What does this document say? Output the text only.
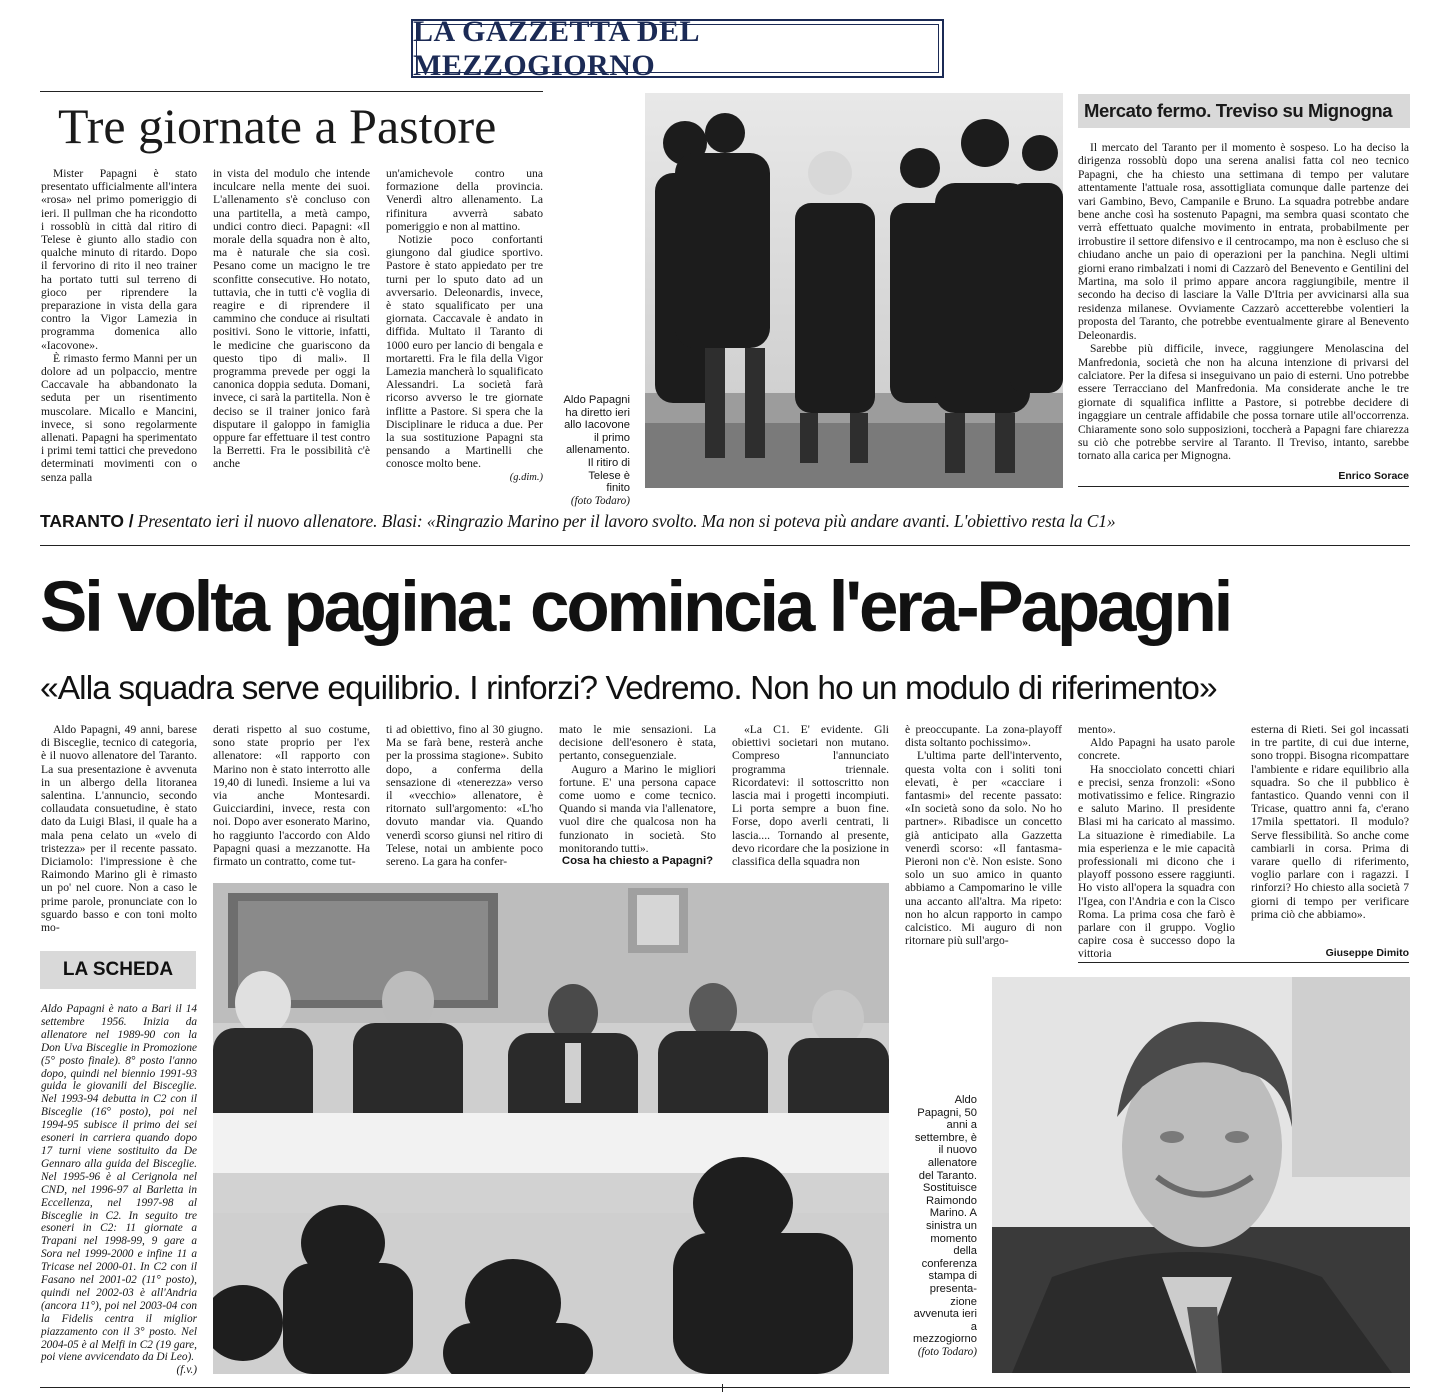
LA GAZZETTA DEL MEZZOGIORNO
Tre giornate a Pastore

Mister Papagni è stato presentato ufficialmente all'intera «rosa» nel primo pomeriggio di ieri. Il pullman che ha ricondotto i rossoblù in città dal ritiro di Telese è giunto allo stadio con qualche minuto di ritardo. Dopo il fervorino di rito il neo trainer ha portato tutti sul terreno di gioco per riprendere la preparazione in vista della gara contro la Vigor Lamezia in programma domenica allo «Iacovone».

È rimasto fermo Manni per un dolore ad un polpaccio, mentre Caccavale ha abbandonato la seduta per un risentimento muscolare. Micallo e Mancini, invece, si sono regolarmente allenati. Papagni ha sperimentato i primi temi tattici che prevedono determinati movimenti con o senza palla

in vista del modulo che intende inculcare nella mente dei suoi. L'allenamento s'è concluso con una partitella, a metà campo, undici contro dieci. Papagni: «Il morale della squadra non è alto, ma è naturale che sia così. Pesano come un macigno le tre sconfitte consecutive. Ho notato, tuttavia, che in tutti c'è voglia di reagire e di riprendere il cammino che conduce ai risultati positivi. Sono le vittorie, infatti, le medicine che guariscono da questo tipo di mali». Il programma prevede per oggi la canonica doppia seduta. Domani, invece, ci sarà la partitella. Non è deciso se il trainer jonico farà disputare il galoppo in famiglia oppure far effettuare il test contro la Berretti. Fra le possibilità c'è anche

un'amichevole contro una formazione della provincia. Venerdì altro allenamento. La rifinitura avverrà sabato pomeriggio e non al mattino.

Notizie poco confortanti giungono dal giudice sportivo. Pastore è stato appiedato per tre turni per lo sputo dato ad un avversario. Deleonardis, invece, è stato squalificato per una giornata. Caccavale è andato in diffida. Multato il Taranto di 1000 euro per lancio di bengala e mortaretti. Fra le fila della Vigor Lamezia mancherà lo squalificato Alessandri. La società farà ricorso avverso le tre giornate inflitte a Pastore. Si spera che la Disciplinare le riduca a due. Per la sua sostituzione Papagni sta pensando a Martinelli che conosce molto bene.

(g.dim.)
Aldo Papagni
ha diretto ieri
allo Iacovone
il primo
allenamento.
Il ritiro di
Telese è
finito
(foto Todaro)
Mercato fermo. Treviso su Mignogna

Il mercato del Taranto per il momento è sospeso. Lo ha deciso la dirigenza rossoblù dopo una serena analisi fatta col neo tecnico Papagni, che ha chiesto una settimana di tempo per valutare attentamente l'attuale rosa, assottigliata comunque dalle partenze dei vari Gambino, Bevo, Campanile e Bruno. La squadra potrebbe andare bene anche così ha sostenuto Papagni, ma sembra quasi scontato che verrà effettuato qualche movimento in entrata, probabilmente per irrobustire il settore difensivo e il centrocampo, ma non è escluso che si chiudano anche un paio di operazioni per la panchina. Negli ultimi giorni erano rimbalzati i nomi di Cazzarò del Benevento e Gentilini del Martina, ma solo il primo appare ancora raggiungibile, mentre il secondo ha deciso di lasciare la Valle D'Itria per avvicinarsi alla sua residenza milanese. Ovviamente Cazzarò accetterebbe volentieri la proposta del Taranto, che potrebbe eventualmente girare al Benevento Deleonardis.

Sarebbe più difficile, invece, raggiungere Menolascina del Manfredonia, società che non ha alcuna intenzione di privarsi del calciatore. Per la difesa si inseguivano un paio di esterni. Uno potrebbe essere Terracciano del Manfredonia. Ma considerate anche le tre giornate di squalifica inflitte a Pastore, si potrebbe decidere di ingaggiare un centrale affidabile che possa tornare utile all'occorrenza. Chiaramente sono solo supposizioni, toccherà a Papagni fare chiarezza su ciò che potrebbe servire al Taranto. Il Treviso, intanto, sarebbe tornato alla carica per Mignogna.

Enrico Sorace
TARANTO / Presentato ieri il nuovo allenatore. Blasi: «Ringrazio Marino per il lavoro svolto. Ma non si poteva più andare avanti. L'obiettivo resta la C1»
Si volta pagina: comincia l'era-Papagni
«Alla squadra serve equilibrio. I rinforzi? Vedremo. Non ho un modulo di riferimento»

Aldo Papagni, 49 anni, barese di Bisceglie, tecnico di categoria, è il nuovo allenatore del Taranto. La sua presentazione è avvenuta in un albergo della litoranea salentina. L'annuncio, secondo collaudata consuetudine, è stato dato da Luigi Blasi, il quale ha a mala pena celato un «velo di tristezza» per il recente passato. Diciamolo: l'impressione è che Raimondo Marino gli è rimasto un po' nel cuore. Non a caso le prime parole, pronunciate con lo sguardo basso e con toni molto mo-

derati rispetto al suo costume, sono state proprio per l'ex allenatore: «Il rapporto con Marino non è stato interrotto alle 19,40 di lunedì. Insieme a lui va via anche Montesardi. Guicciardini, invece, resta con noi. Dopo aver esonerato Marino, ho raggiunto l'accordo con Aldo Papagni quasi a mezzanotte. Ha firmato un contratto, come tut-

ti ad obiettivo, fino al 30 giugno. Ma se farà bene, resterà anche per la prossima stagione». Subito dopo, a conferma della sensazione di «tenerezza» verso il «vecchio» allenatore, è ritornato sull'argomento: «L'ho dovuto mandar via. Quando venerdì scorso giunsi nel ritiro di Telese, notai un ambiente poco sereno. La gara ha confer-

mato le mie sensazioni. La decisione dell'esonero è stata, pertanto, conseguenziale.

Auguro a Marino le migliori fortune. E' una persona capace come uomo e come tecnico. Quando si manda via l'allenatore, vuol dire che qualcosa non ha funzionato in società. Sto monitorando tutti».

Cosa ha chiesto a Papagni?

«La C1. E' evidente. Gli obiettivi societari non mutano. Compreso l'annunciato programma triennale. Ricordatevi: il sottoscritto non lascia mai i progetti incompiuti. Li porta sempre a buon fine. Forse, dopo averli centrati, li lascia.... Tornando al presente, devo ricordare che la posizione in classifica della squadra non

è preoccupante. La zona-playoff dista soltanto pochissimo».

L'ultima parte dell'intervento, questa volta con i soliti toni elevati, è per «cacciare i fantasmi» del recente passato: «In società sono da solo. No ho partner». Ribadisce un concetto già anticipato alla Gazzetta venerdì scorso: «Il fantasma-Pieroni non c'è. Non esiste. Sono solo un suo amico in quanto abbiamo a Campomarino le ville una accanto all'altra. Ma ripeto: non ho alcun rapporto in campo calcistico. Mi auguro di non ritornare più sull'argo-

mento».

Aldo Papagni ha usato parole concrete.

Ha snocciolato concetti chiari e precisi, senza fronzoli: «Sono motivatissimo e felice. Ringrazio e saluto Marino. Il presidente Blasi mi ha caricato al massimo. La situazione è rimediabile. La mia esperienza e le mie capacità professionali mi dicono che i playoff possono essere raggiunti. Ho visto all'opera la squadra con l'Igea, con l'Andria e con la Cisco Roma. La prima cosa che farò è parlare con il gruppo. Voglio capire cosa è successo dopo la vittoria

esterna di Rieti. Sei gol incassati in tre partite, di cui due interne, sono troppi. Bisogna ricompattare l'ambiente e ridare equilibrio alla squadra. So che il pubblico è fantastico. Quando venni con il Tricase, quattro anni fa, c'erano 17mila spettatori. Il modulo? Serve flessibilità. So anche come cambiarli in corsa. Prima di varare quello di riferimento, voglio parlare con i ragazzi. I rinforzi? Ho chiesto alla società 7 giorni di tempo per verificare prima ciò che abbiamo».

Giuseppe Dimito
LA SCHEDA

Aldo Papagni è nato a Bari il 14 settembre 1956. Inizia da allenatore nel 1989-90 con la Don Uva Bisceglie in Promozione (5° posto finale). 8° posto l'anno dopo, quindi nel biennio 1991-93 guida le giovanili del Bisceglie. Nel 1993-94 debutta in C2 con il Bisceglie (16° posto), poi nel 1994-95 subisce il primo dei sei esoneri in carriera quando dopo 17 turni viene sostituito da De Gennaro alla guida del Bisceglie. Nel 1995-96 è al Cerignola nel CND, nel 1996-97 al Barletta in Eccellenza, nel 1997-98 al Bisceglie in C2. In seguito tre esoneri in C2: 11 giornate a Trapani nel 1998-99, 9 gare a Sora nel 1999-2000 e infine 11 a Tricase nel 2000-01. In C2 con il Fasano nel 2001-02 (11° posto), quindi nel 2002-03 è all'Andria (ancora 11°), poi nel 2003-04 con la Fidelis centra il miglior piazzamento con il 3° posto. Nel 2004-05 è al Melfi in C2 (19 gare, poi viene avvicendato da Di Leo).

(f.v.)
Aldo
Papagni, 50
anni a
settembre, è
il nuovo
allenatore
del Taranto.
Sostituisce
Raimondo
Marino. A
sinistra un
momento
della
conferenza
stampa di
presenta-
zione
avvenuta ieri
a
mezzogiorno
(foto Todaro)
